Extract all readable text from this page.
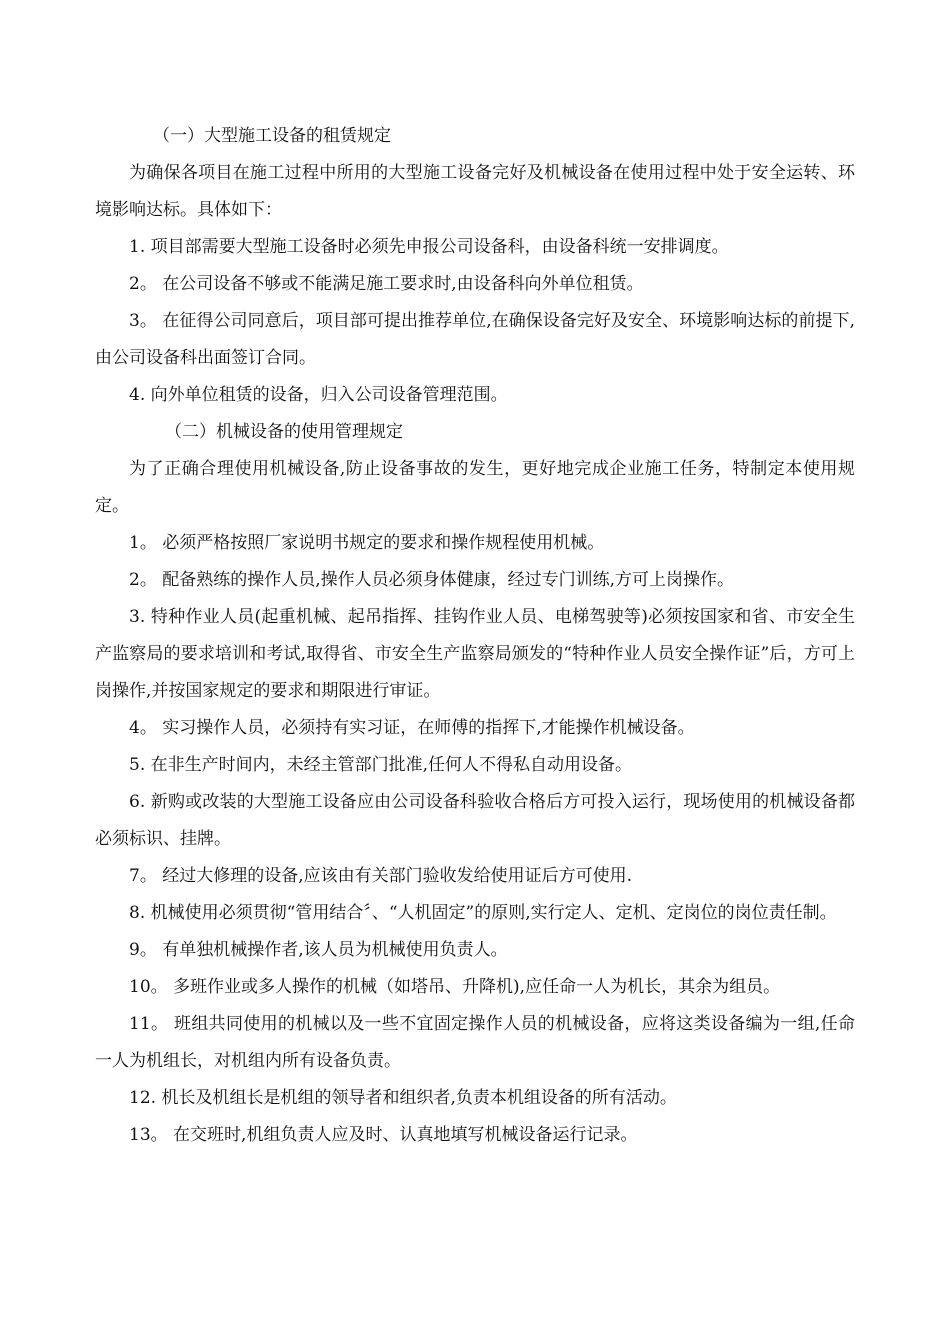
（一）大型施工设备的租赁规定

为确保各项目在施工过程中所用的大型施工设备完好及机械设备在使用过程中处于安全运转、环境影响达标。具体如下：

1. 项目部需要大型施工设备时必须先申报公司设备科，由设备科统一安排调度。

2。 在公司设备不够或不能满足施工要求时,由设备科向外单位租赁。

3。 在征得公司同意后，项目部可提出推荐单位,在确保设备完好及安全、环境影响达标的前提下,由公司设备科出面签订合同。

4. 向外单位租赁的设备，归入公司设备管理范围。

（二）机械设备的使用管理规定

为了正确合理使用机械设备,防止设备事故的发生，更好地完成企业施工任务，特制定本使用规定。

1。 必须严格按照厂家说明书规定的要求和操作规程使用机械。

2。 配备熟练的操作人员,操作人员必须身体健康，经过专门训练,方可上岗操作。

3. 特种作业人员(起重机械、起吊指挥、挂钩作业人员、电梯驾驶等)必须按国家和省、市安全生产监察局的要求培训和考试,取得省、市安全生产监察局颁发的“特种作业人员安全操作证”后，方可上岗操作,并按国家规定的要求和期限进行审证。

4。 实习操作人员，必须持有实习证，在师傅的指挥下,才能操作机械设备。

5. 在非生产时间内，未经主管部门批准,任何人不得私自动用设备。

6. 新购或改装的大型施工设备应由公司设备科验收合格后方可投入运行，现场使用的机械设备都必须标识、挂牌。

7。 经过大修理的设备,应该由有关部门验收发给使用证后方可使用.

8. 机械使用必须贯彻“管用结合〞、“人机固定”的原则,实行定人、定机、定岗位的岗位责任制。

9。 有单独机械操作者,该人员为机械使用负责人。

10。 多班作业或多人操作的机械（如塔吊、升降机),应任命一人为机长，其余为组员。

11。 班组共同使用的机械以及一些不宜固定操作人员的机械设备，应将这类设备编为一组,任命一人为机组长，对机组内所有设备负责。

12. 机长及机组长是机组的领导者和组织者,负责本机组设备的所有活动。

13。 在交班时,机组负责人应及时、认真地填写机械设备运行记录。
